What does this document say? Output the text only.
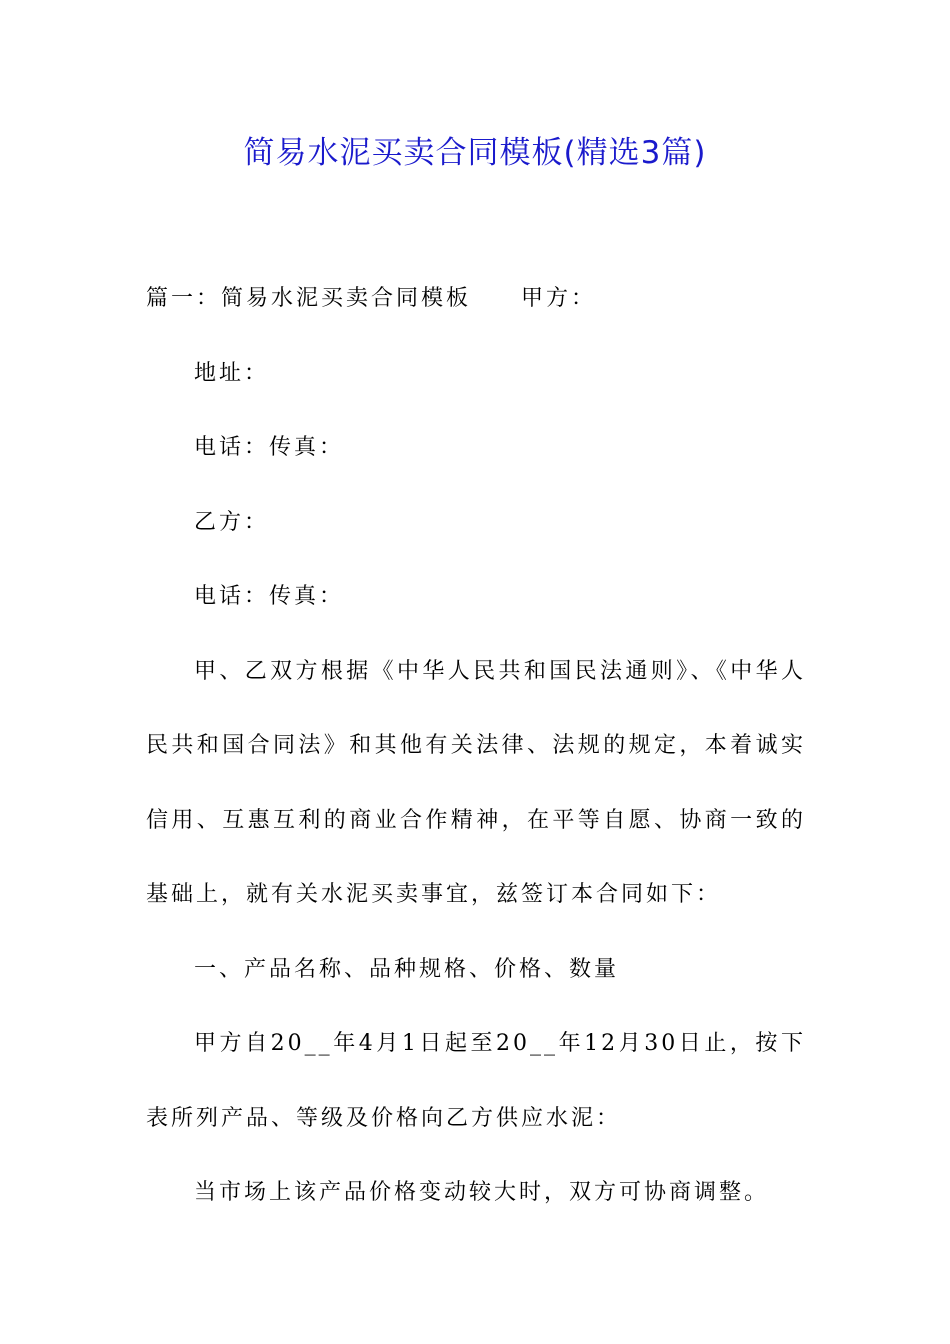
简易水泥买卖合同模板(精选3篇)

篇一：简易水泥买卖合同模板 甲方：

地址：

电话：传真：

乙方：

电话：传真：

甲、乙双方根据《中华人民共和国民法通则》、《中华人民共和国合同法》和其他有关法律、法规的规定，本着诚实信用、互惠互利的商业合作精神，在平等自愿、协商一致的基础上，就有关水泥买卖事宜，兹签订本合同如下：

一、产品名称、品种规格、价格、数量

甲方自20__年4月1日起至20__年12月30日止，按下表所列产品、等级及价格向乙方供应水泥：

当市场上该产品价格变动较大时，双方可协商调整。
